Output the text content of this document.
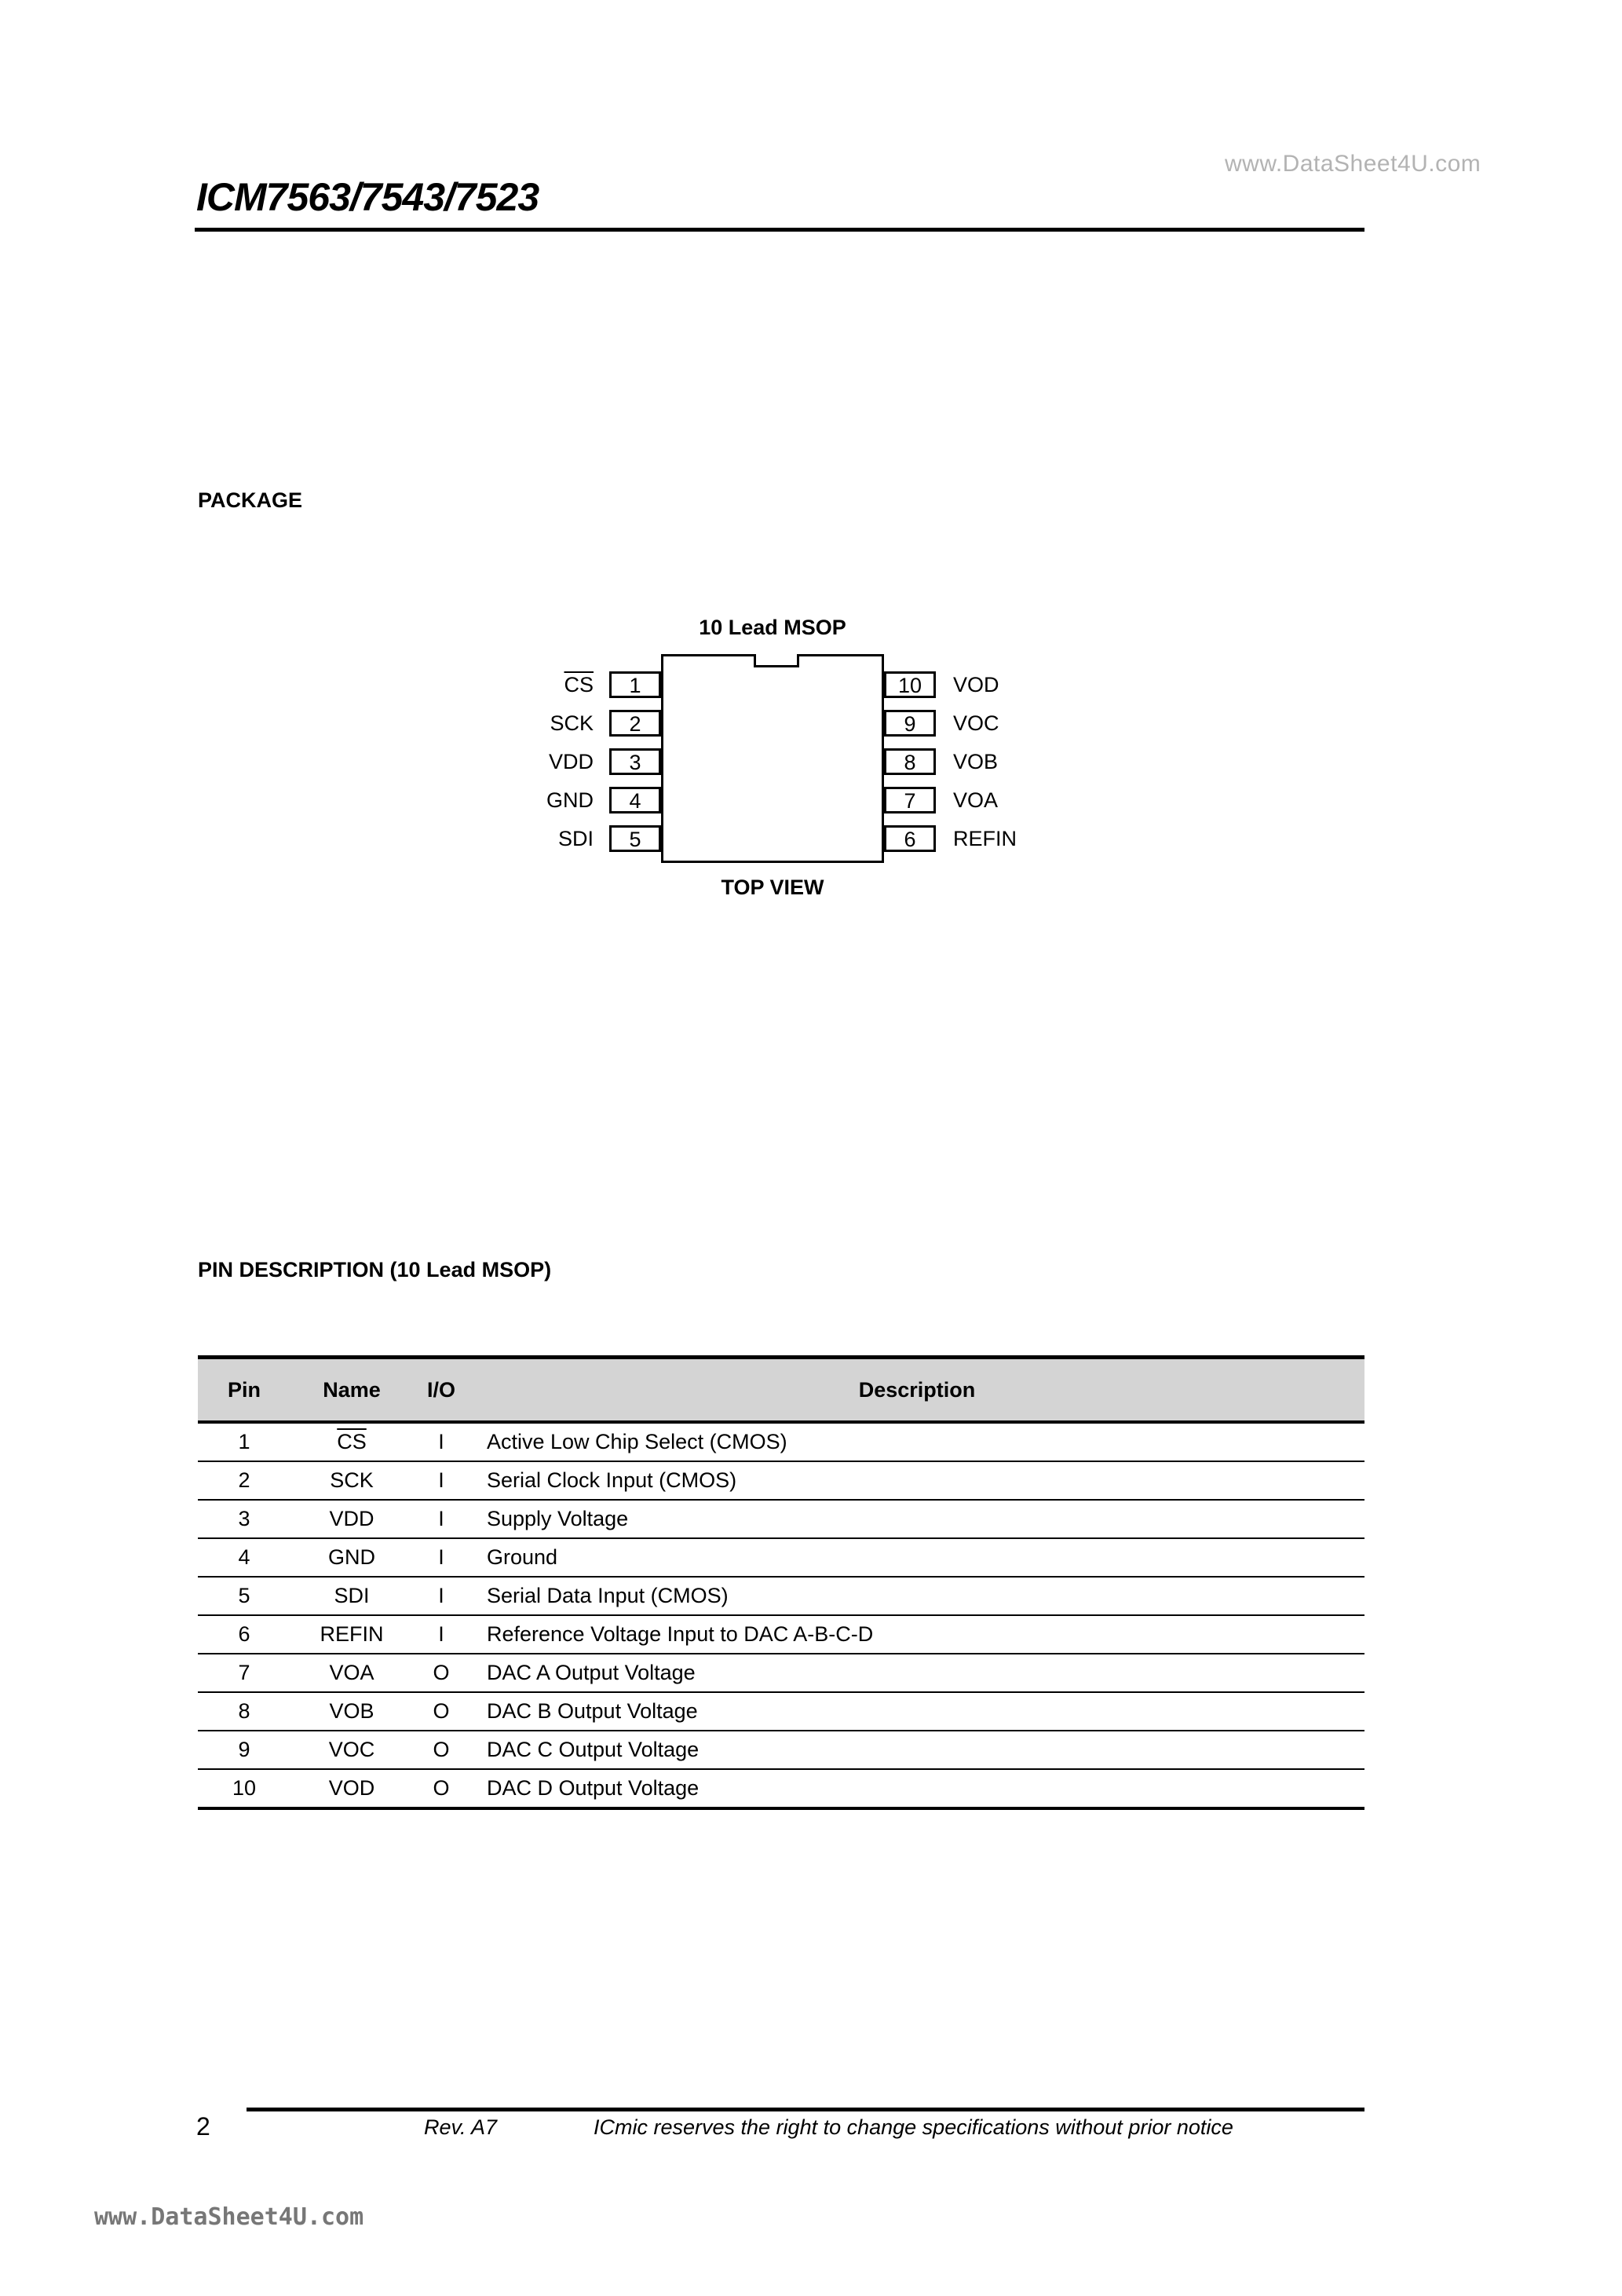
www.DataSheet4U.com
ICM7563/7543/7523
PACKAGE
10 Lead MSOP
$\overline{CS}$	1
SCK	2
VDD	3
GND	4
SDI	5
10	VOD
9	VOC
8	VOB
7	VOA
6	REFIN
TOP VIEW
PIN DESCRIPTION (10 Lead MSOP)
Pin	Name	I/O	Description
1	$\overline{CS}$	I	Active Low Chip Select (CMOS)
2	SCK	I	Serial Clock Input (CMOS)
3	VDD	I	Supply Voltage
4	GND	I	Ground
5	SDI	I	Serial Data Input (CMOS)
6	REFIN	I	Reference Voltage Input to DAC A-B-C-D
7	VOA	O	DAC A Output Voltage
8	VOB	O	DAC B Output Voltage
9	VOC	O	DAC C Output Voltage
10	VOD	O	DAC D Output Voltage
2	Rev. A7	ICmic reserves the right to change specifications without prior notice
www.DataSheet4U.com
